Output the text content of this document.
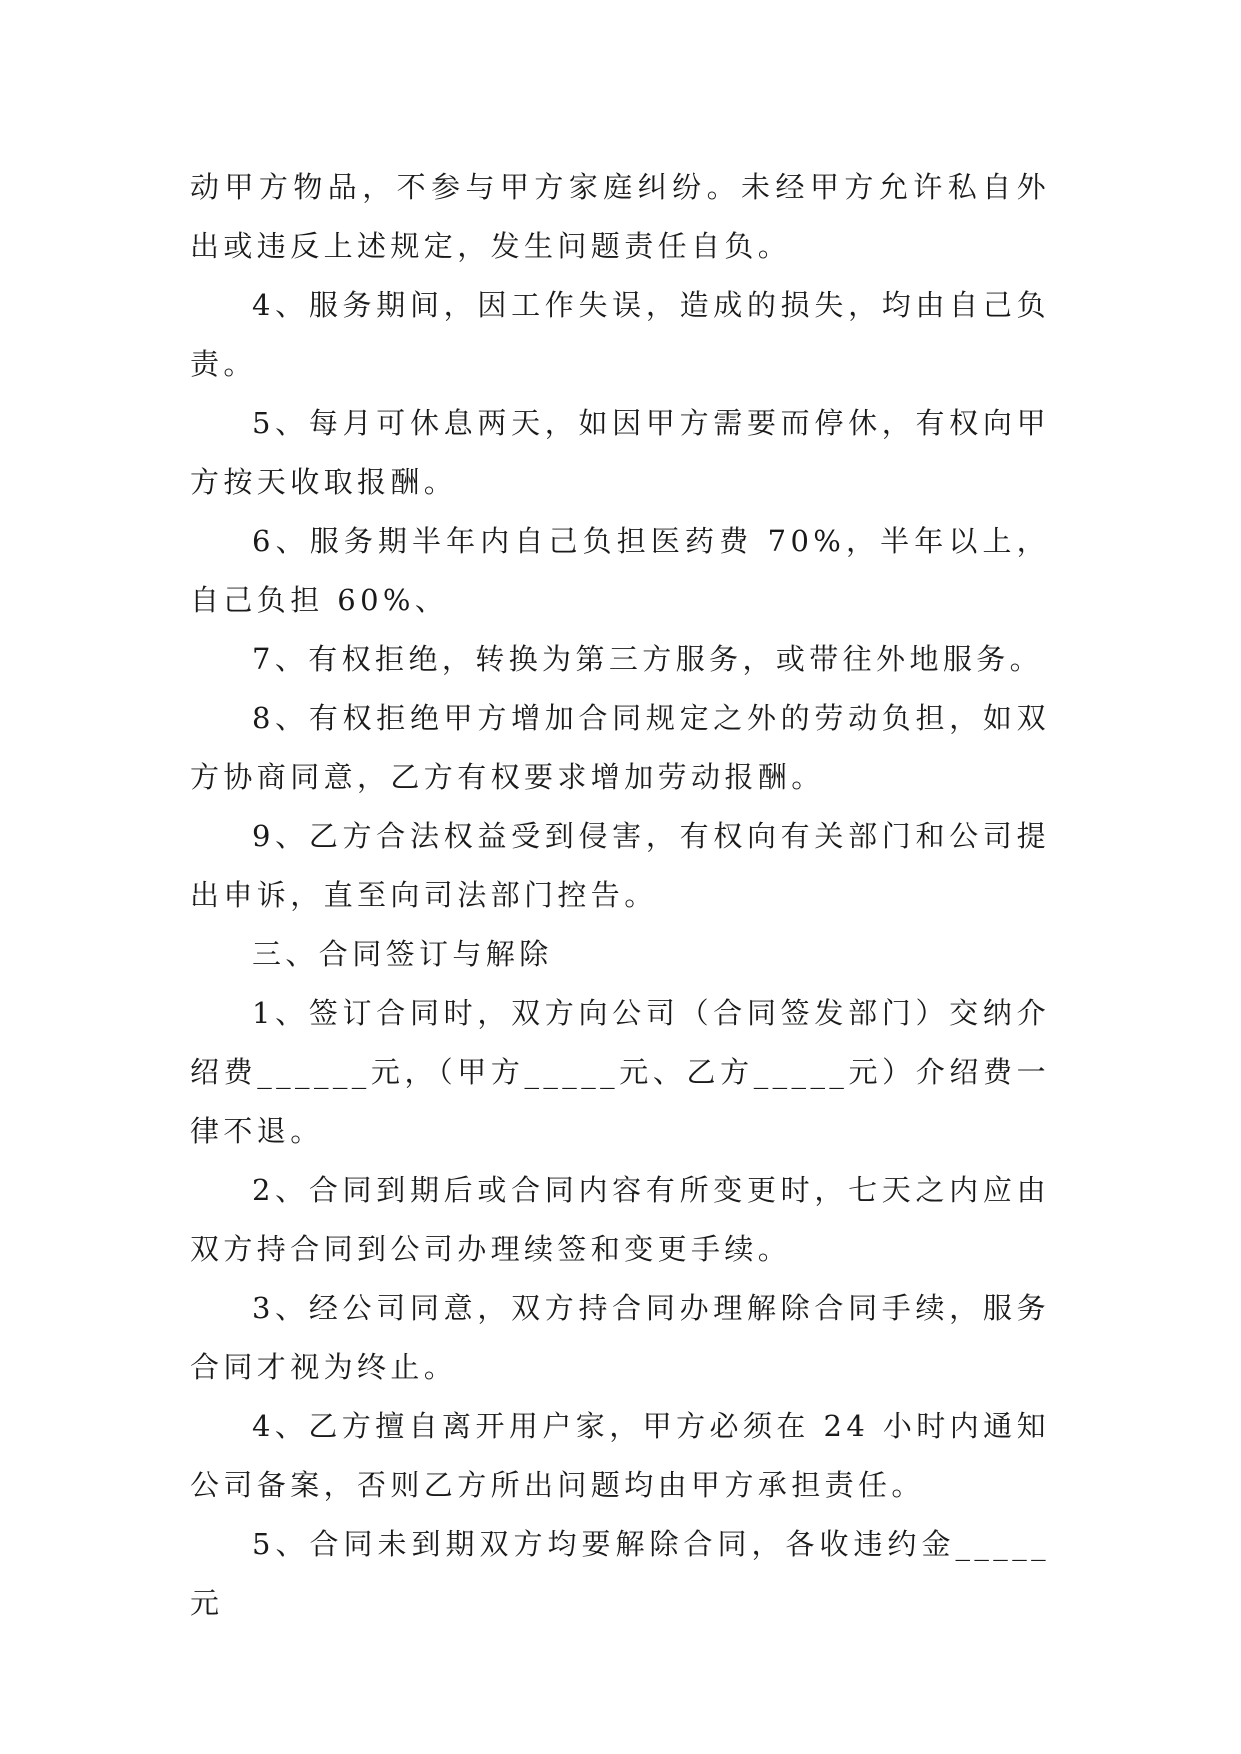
动甲方物品，不参与甲方家庭纠纷。未经甲方允许私自外出或违反上述规定，发生问题责任自负。

4、服务期间，因工作失误，造成的损失，均由自己负责。

5、每月可休息两天，如因甲方需要而停休，有权向甲方按天收取报酬。

6、服务期半年内自己负担医药费 70%，半年以上，自己负担 60%、

7、有权拒绝，转换为第三方服务，或带往外地服务。

8、有权拒绝甲方增加合同规定之外的劳动负担，如双方协商同意，乙方有权要求增加劳动报酬。

9、乙方合法权益受到侵害，有权向有关部门和公司提出申诉，直至向司法部门控告。

三、合同签订与解除

1、签订合同时，双方向公司（合同签发部门）交纳介绍费______元，（甲方_____元、乙方_____元）介绍费一律不退。

2、合同到期后或合同内容有所变更时，七天之内应由双方持合同到公司办理续签和变更手续。

3、经公司同意，双方持合同办理解除合同手续，服务合同才视为终止。

4、乙方擅自离开用户家，甲方必须在 24 小时内通知公司备案，否则乙方所出问题均由甲方承担责任。

5、合同未到期双方均要解除合同，各收违约金_____元
